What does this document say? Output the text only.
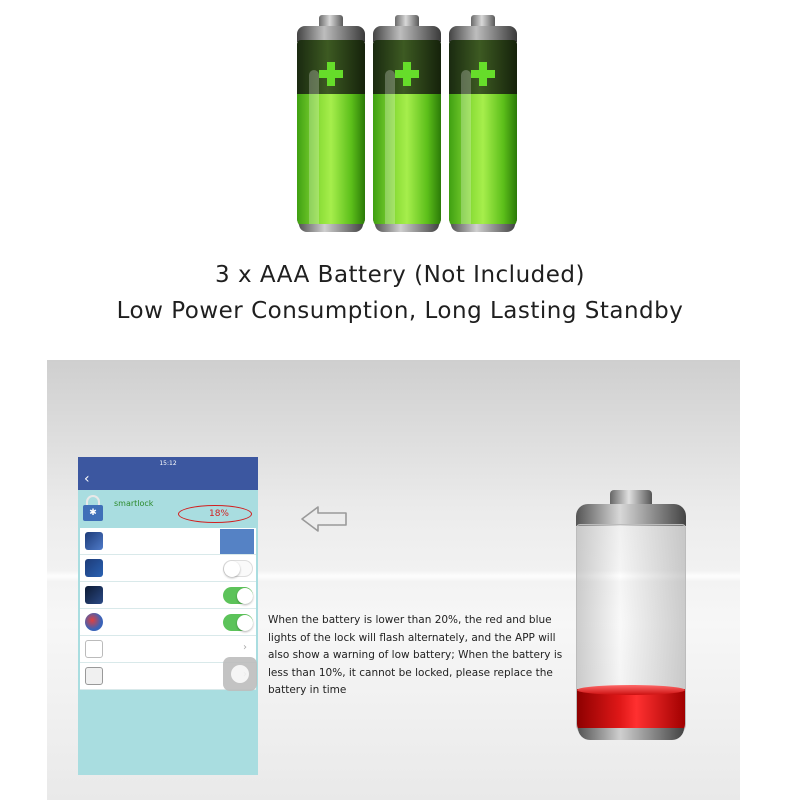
3 x AAA Battery (Not Included)
Low Power Consumption, Long Lasting Standby
15:12
‹
✱
smartlock
18%
›
When the battery is lower than 20%, the red and blue lights of the lock will flash alternately, and the APP will also show a warning of low battery; When the battery is less than 10%, it cannot be locked, please replace the battery in time
